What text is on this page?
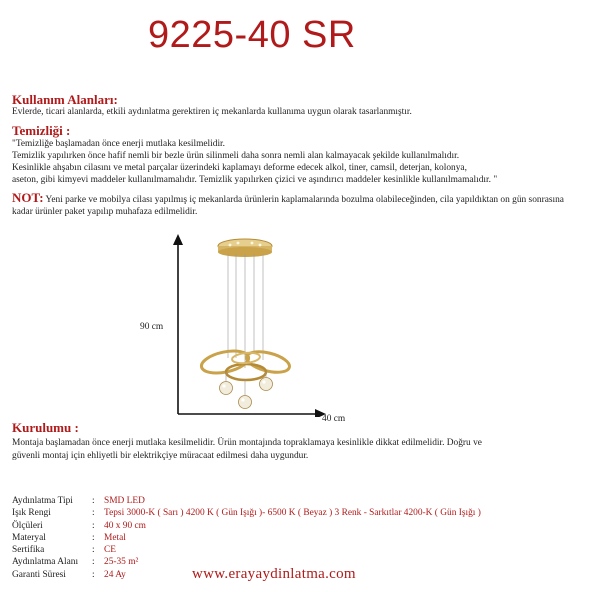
9225-40 SR
Kullanım Alanları:
Evlerde, ticari alanlarda, etkili aydınlatma gerektiren iç mekanlarda kullanıma uygun olarak tasarlanmıştır.
Temizliği :
"Temizliğe başlamadan önce enerji mutlaka kesilmelidir.
Temizlik yapılırken önce hafif nemli bir bezle ürün silinmeli daha sonra nemli alan kalmayacak şekilde kullanılmalıdır.
Kesinlikle ahşabın cilasını ve metal parçalar üzerindeki kaplamayı deforme edecek alkol, tiner, camsil, deterjan, kolonya,
aseton, gibi kimyevi maddeler kullanılmamalıdır. Temizlik yapılırken çizici ve aşındırıcı maddeler kesinlikle kullanılmamalıdır. "
NOT: Yeni parke ve mobilya cilası yapılmış iç mekanlarda ürünlerin kaplamalarında bozulma olabileceğinden, cila yapıldıktan on gün sonrasına kadar ürünler paket yapılıp muhafaza edilmelidir.
90 cm
40 cm
Kurulumu :
Montaja başlamadan önce enerji mutlaka kesilmelidir. Ürün montajında topraklamaya kesinlikle dikkat edilmelidir. Doğru ve
güvenli montaj için ehliyetli bir elektrikçiye müracaat edilmesi daha uygundur.
Aydınlatma Tipi : SMD LED
Işık Rengi	: Tepsi 3000-K ( Sarı ) 4200 K ( Gün Işığı )- 6500 K ( Beyaz ) 3 Renk - Sarkıtlar 4200-K ( Gün Işığı )
Ölçüleri	: 40 x 90 cm
Materyal	: Metal
Sertifika	: CE
Aydınlatma Alanı : 25-35 m²
Garanti Süresi	: 24 Ay	www.erayaydinlatma.com
